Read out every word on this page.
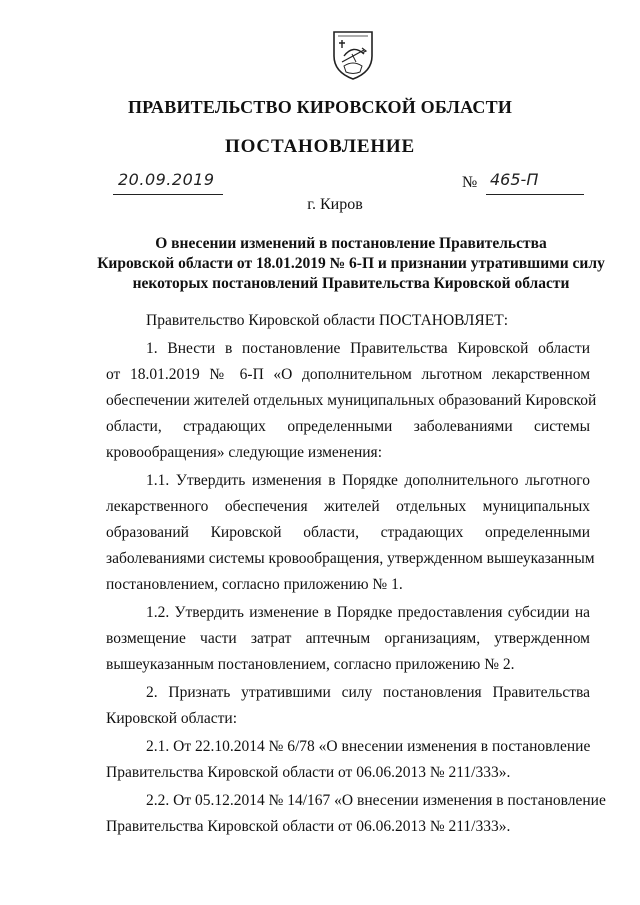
ПРАВИТЕЛЬСТВО КИРОВСКОЙ ОБЛАСТИ
ПОСТАНОВЛЕНИЕ
20.09.2019	№ 465-П
г. Киров
О внесении изменений в постановление Правительства
Кировской области от 18.01.2019 № 6-П и признании утратившими силу
некоторых постановлений Правительства Кировской области

Правительство Кировской области ПОСТАНОВЛЯЕТ:

1. Внести в постановление Правительства Кировской области
от 18.01.2019 № 6-П «О дополнительном льготном лекарственном
обеспечении жителей отдельных муниципальных образований Кировской
области, страдающих определенными заболеваниями системы
кровообращения» следующие изменения:

1.1. Утвердить изменения в Порядке дополнительного льготного
лекарственного обеспечения жителей отдельных муниципальных
образований Кировской области, страдающих определенными
заболеваниями системы кровообращения, утвержденном вышеуказанным
постановлением, согласно приложению № 1.

1.2. Утвердить изменение в Порядке предоставления субсидии на
возмещение части затрат аптечным организациям, утвержденном
вышеуказанным постановлением, согласно приложению № 2.

2. Признать утратившими силу постановления Правительства
Кировской области:

2.1. От 22.10.2014 № 6/78 «О внесении изменения в постановление
Правительства Кировской области от 06.06.2013 № 211/333».

2.2. От 05.12.2014 № 14/167 «О внесении изменения в постановление
Правительства Кировской области от 06.06.2013 № 211/333».
